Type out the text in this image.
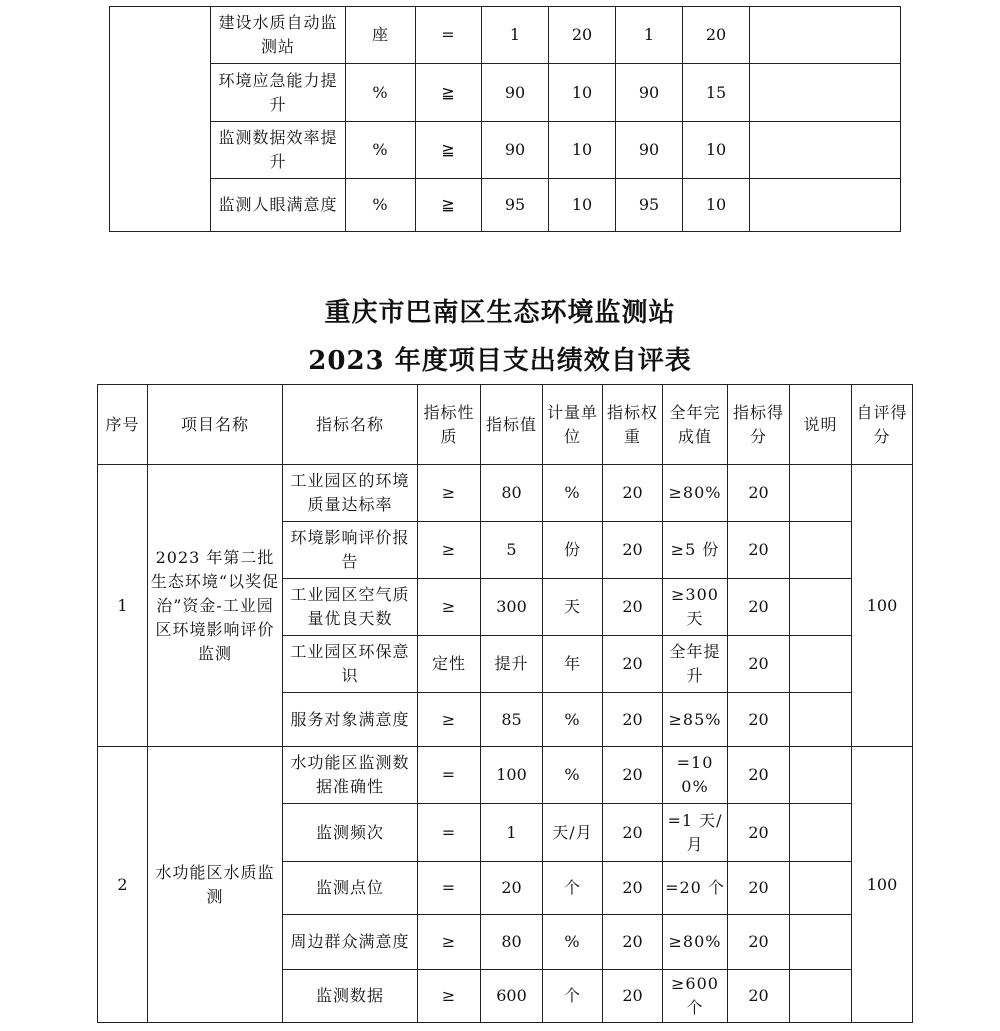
	建设水质自动监测站	座	=	1	20	1	20	
	环境应急能力提升	%	≧	90	10	90	15	
	监测数据效率提升	%	≧	90	10	90	10	
	监测人眼满意度	%	≧	95	10	95	10	
重庆市巴南区生态环境监测站
2023 年度项目支出绩效自评表
序号	项目名称	指标名称	指标性质	指标值	计量单位	指标权重	全年完成值	指标得分	说明	自评得分
1	2023 年第二批生态环境“以奖促治”资金-工业园区环境影响评价监测	工业园区的环境质量达标率	≥	80	%	20	≥80%	20		100
		环境影响评价报告	≥	5	份	20	≥5 份	20		
		工业园区空气质量优良天数	≥	300	天	20	≥300 天	20		
		工业园区环保意识	定性	提升	年	20	全年提升	20		
		服务对象满意度	≥	85	%	20	≥85%	20		
2	水功能区水质监测	水功能区监测数据准确性	=	100	%	20	=100%	20		100
		监测频次	=	1	天/月	20	=1 天/月	20		
		监测点位	=	20	个	20	=20 个	20		
		周边群众满意度	≥	80	%	20	≥80%	20		
		监测数据	≥	600	个	20	≥600 个	20		
